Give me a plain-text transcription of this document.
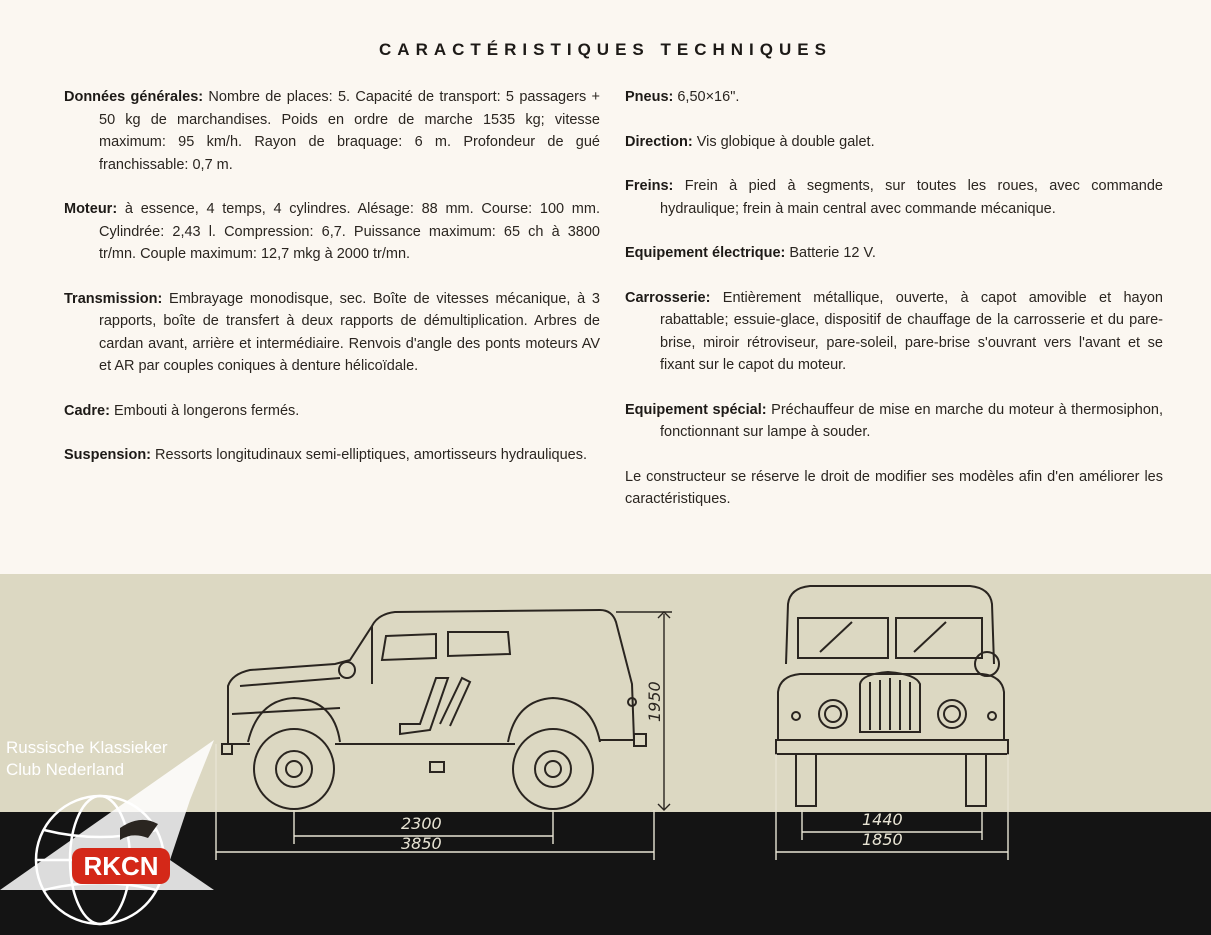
CARACTÉRISTIQUES TECHNIQUES

Données générales: Nombre de places: 5. Capacité de transport: 5 passagers + 50 kg de marchandises. Poids en ordre de marche 1535 kg; vitesse maximum: 95 km/h. Rayon de braquage: 6 m. Profondeur de gué franchissable: 0,7 m.

Moteur: à essence, 4 temps, 4 cylindres. Alésage: 88 mm. Course: 100 mm. Cylindrée: 2,43 l. Compression: 6,7. Puissance maximum: 65 ch à 3800 tr/mn. Couple maximum: 12,7 mkg à 2000 tr/mn.

Transmission: Embrayage monodisque, sec. Boîte de vitesses mécanique, à 3 rapports, boîte de transfert à deux rapports de démultiplication. Arbres de cardan avant, arrière et intermédiaire. Renvois d'angle des ponts moteurs AV et AR par couples coniques à denture hélicoïdale.

Cadre: Embouti à longerons fermés.

Suspension: Ressorts longitudinaux semi-elliptiques, amortisseurs hydrauliques.

Pneus: 6,50×16".

Direction: Vis globique à double galet.

Freins: Frein à pied à segments, sur toutes les roues, avec commande hydraulique; frein à main central avec commande mécanique.

Equipement électrique: Batterie 12 V.

Carrosserie: Entièrement métallique, ouverte, à capot amovible et hayon rabattable; essuie-glace, dispositif de chauffage de la carrosserie et du pare-brise, miroir rétroviseur, pare-soleil, pare-brise s'ouvrant vers l'avant et se fixant sur le capot du moteur.

Equipement spécial: Préchauffeur de mise en marche du moteur à thermosiphon, fonctionnant sur lampe à souder.

Le constructeur se réserve le droit de modifier ses modèles afin d'en améliorer les caractéristiques.

1950
2300
3850
1440
1850
Russische Klassieker
Club Nederland
RKCN
